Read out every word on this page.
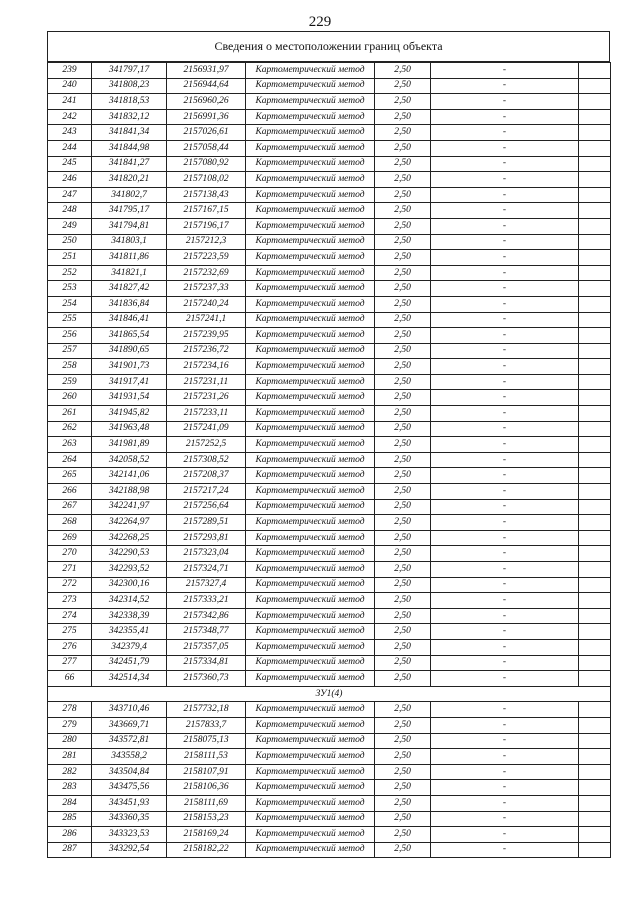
229
Сведения о местоположении границ объекта
239	341797,17	2156931,97	Картометрический метод	2,50	-	
240	341808,23	2156944,64	Картометрический метод	2,50	-	
241	341818,53	2156960,26	Картометрический метод	2,50	-	
242	341832,12	2156991,36	Картометрический метод	2,50	-	
243	341841,34	2157026,61	Картометрический метод	2,50	-	
244	341844,98	2157058,44	Картометрический метод	2,50	-	
245	341841,27	2157080,92	Картометрический метод	2,50	-	
246	341820,21	2157108,02	Картометрический метод	2,50	-	
247	341802,7	2157138,43	Картометрический метод	2,50	-	
248	341795,17	2157167,15	Картометрический метод	2,50	-	
249	341794,81	2157196,17	Картометрический метод	2,50	-	
250	341803,1	2157212,3	Картометрический метод	2,50	-	
251	341811,86	2157223,59	Картометрический метод	2,50	-	
252	341821,1	2157232,69	Картометрический метод	2,50	-	
253	341827,42	2157237,33	Картометрический метод	2,50	-	
254	341836,84	2157240,24	Картометрический метод	2,50	-	
255	341846,41	2157241,1	Картометрический метод	2,50	-	
256	341865,54	2157239,95	Картометрический метод	2,50	-	
257	341890,65	2157236,72	Картометрический метод	2,50	-	
258	341901,73	2157234,16	Картометрический метод	2,50	-	
259	341917,41	2157231,11	Картометрический метод	2,50	-	
260	341931,54	2157231,26	Картометрический метод	2,50	-	
261	341945,82	2157233,11	Картометрический метод	2,50	-	
262	341963,48	2157241,09	Картометрический метод	2,50	-	
263	341981,89	2157252,5	Картометрический метод	2,50	-	
264	342058,52	2157308,52	Картометрический метод	2,50	-	
265	342141,06	2157208,37	Картометрический метод	2,50	-	
266	342188,98	2157217,24	Картометрический метод	2,50	-	
267	342241,97	2157256,64	Картометрический метод	2,50	-	
268	342264,97	2157289,51	Картометрический метод	2,50	-	
269	342268,25	2157293,81	Картометрический метод	2,50	-	
270	342290,53	2157323,04	Картометрический метод	2,50	-	
271	342293,52	2157324,71	Картометрический метод	2,50	-	
272	342300,16	2157327,4	Картометрический метод	2,50	-	
273	342314,52	2157333,21	Картометрический метод	2,50	-	
274	342338,39	2157342,86	Картометрический метод	2,50	-	
275	342355,41	2157348,77	Картометрический метод	2,50	-	
276	342379,4	2157357,05	Картометрический метод	2,50	-	
277	342451,79	2157334,81	Картометрический метод	2,50	-	
66	342514,34	2157360,73	Картометрический метод	2,50	-	
ЗУ1(4)						
278	343710,46	2157732,18	Картометрический метод	2,50	-	
279	343669,71	2157833,7	Картометрический метод	2,50	-	
280	343572,81	2158075,13	Картометрический метод	2,50	-	
281	343558,2	2158111,53	Картометрический метод	2,50	-	
282	343504,84	2158107,91	Картометрический метод	2,50	-	
283	343475,56	2158106,36	Картометрический метод	2,50	-	
284	343451,93	2158111,69	Картометрический метод	2,50	-	
285	343360,35	2158153,23	Картометрический метод	2,50	-	
286	343323,53	2158169,24	Картометрический метод	2,50	-	
287	343292,54	2158182,22	Картометрический метод	2,50	-	
